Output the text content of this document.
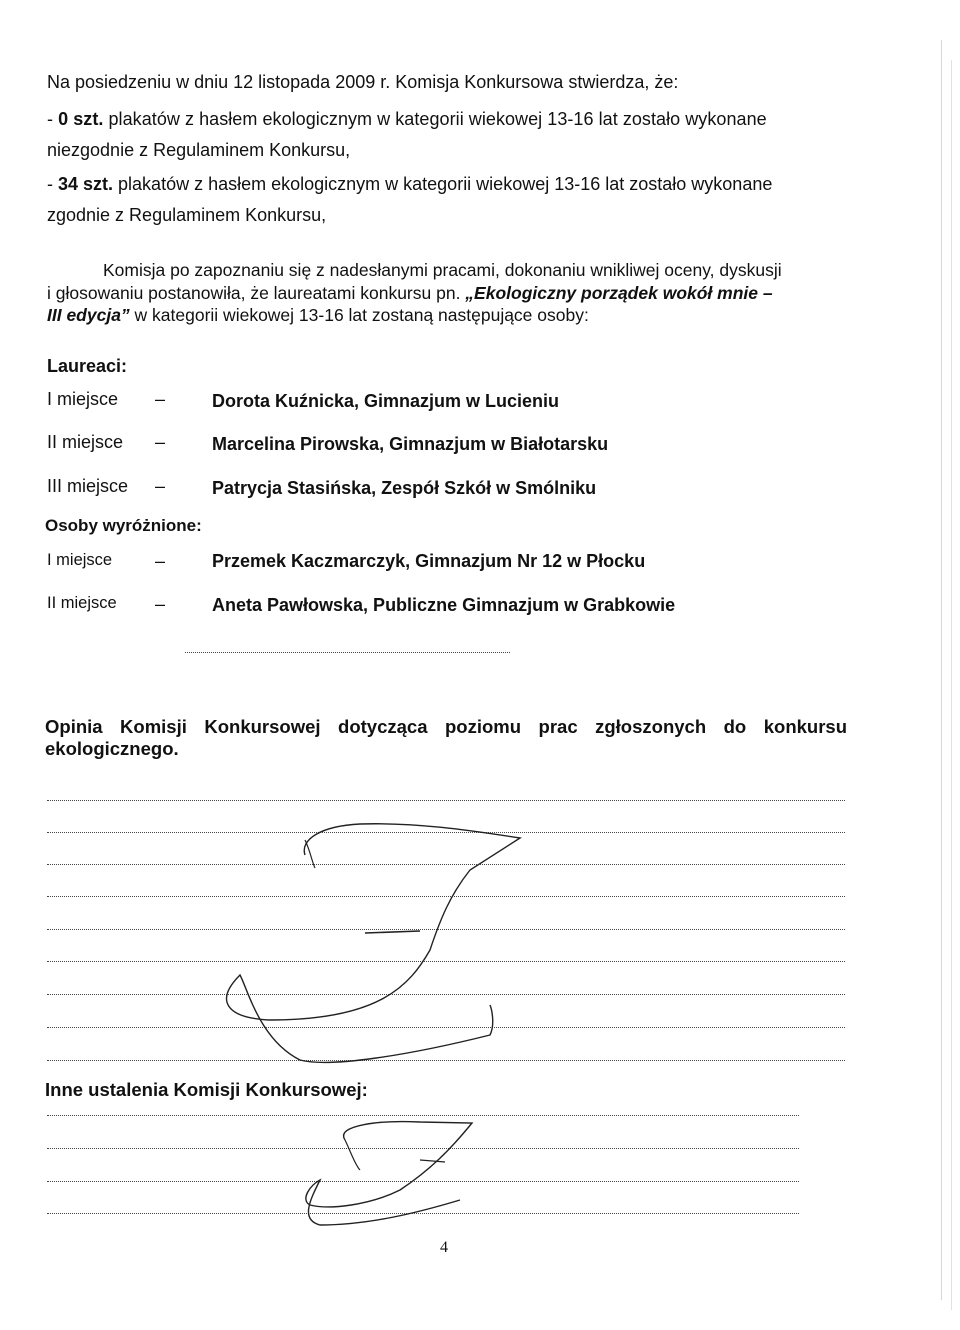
Na posiedzeniu w dniu 12 listopada 2009 r. Komisja Konkursowa stwierdza, że:
- 0 szt. plakatów z hasłem ekologicznym w kategorii wiekowej 13-16 lat zostało wykonane
niezgodnie z Regulaminem Konkursu,
- 34 szt. plakatów z hasłem ekologicznym w kategorii wiekowej 13-16 lat zostało wykonane
zgodnie z Regulaminem Konkursu,
Komisja po zapoznaniu się z nadesłanymi pracami, dokonaniu wnikliwej oceny, dyskusji
i głosowaniu postanowiła, że laureatami konkursu pn. „Ekologiczny porządek wokół mnie –
III edycja” w kategorii wiekowej 13-16 lat zostaną następujące osoby:
Laureaci:
I miejsce –	Dorota Kuźnicka, Gimnazjum w Lucieniu
II miejsce –	Marcelina Pirowska, Gimnazjum w Białotarsku
III miejsce –	Patrycja Stasińska, Zespół Szkół w Smólniku
Osoby wyróżnione:
I miejsce –	Przemek Kaczmarczyk, Gimnazjum Nr 12 w Płocku
II miejsce –	Aneta Pawłowska, Publiczne Gimnazjum w Grabkowie
Opinia Komisji Konkursowej dotycząca poziomu prac zgłoszonych do konkursu ekologicznego.
Inne ustalenia Komisji Konkursowej:
4
